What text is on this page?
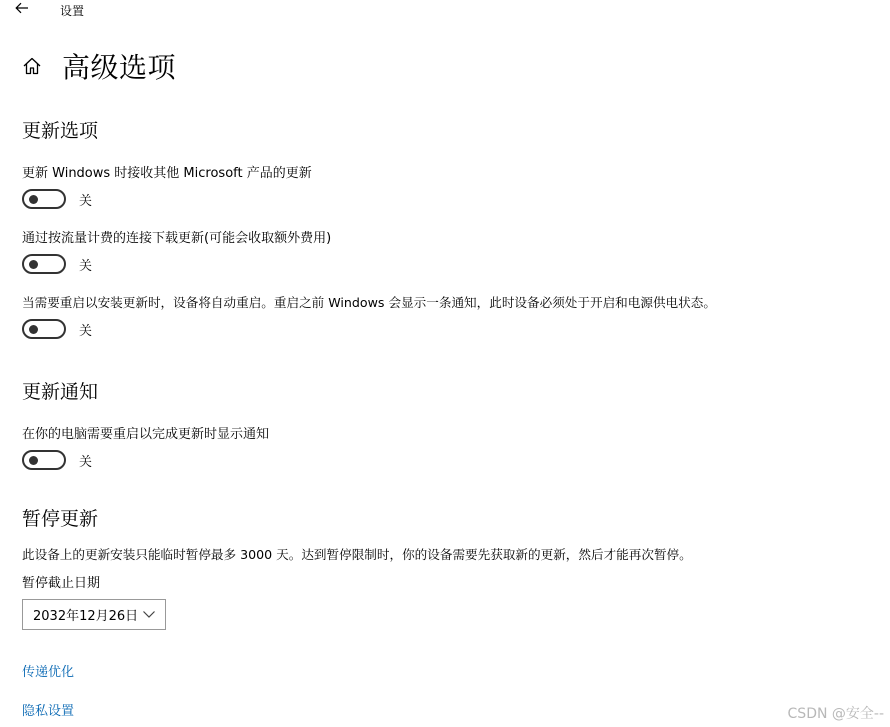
设置
高级选项
更新选项
更新 Windows 时接收其他 Microsoft 产品的更新
关
通过按流量计费的连接下载更新(可能会收取额外费用)
关
当需要重启以安装更新时，设备将自动重启。重启之前 Windows 会显示一条通知，此时设备必须处于开启和电源供电状态。
关
更新通知
在你的电脑需要重启以完成更新时显示通知
关
暂停更新
此设备上的更新安装只能临时暂停最多 3000 天。达到暂停限制时，你的设备需要先获取新的更新，然后才能再次暂停。
暂停截止日期
2032年12月26日
传递优化
隐私设置	CSDN @安全--
